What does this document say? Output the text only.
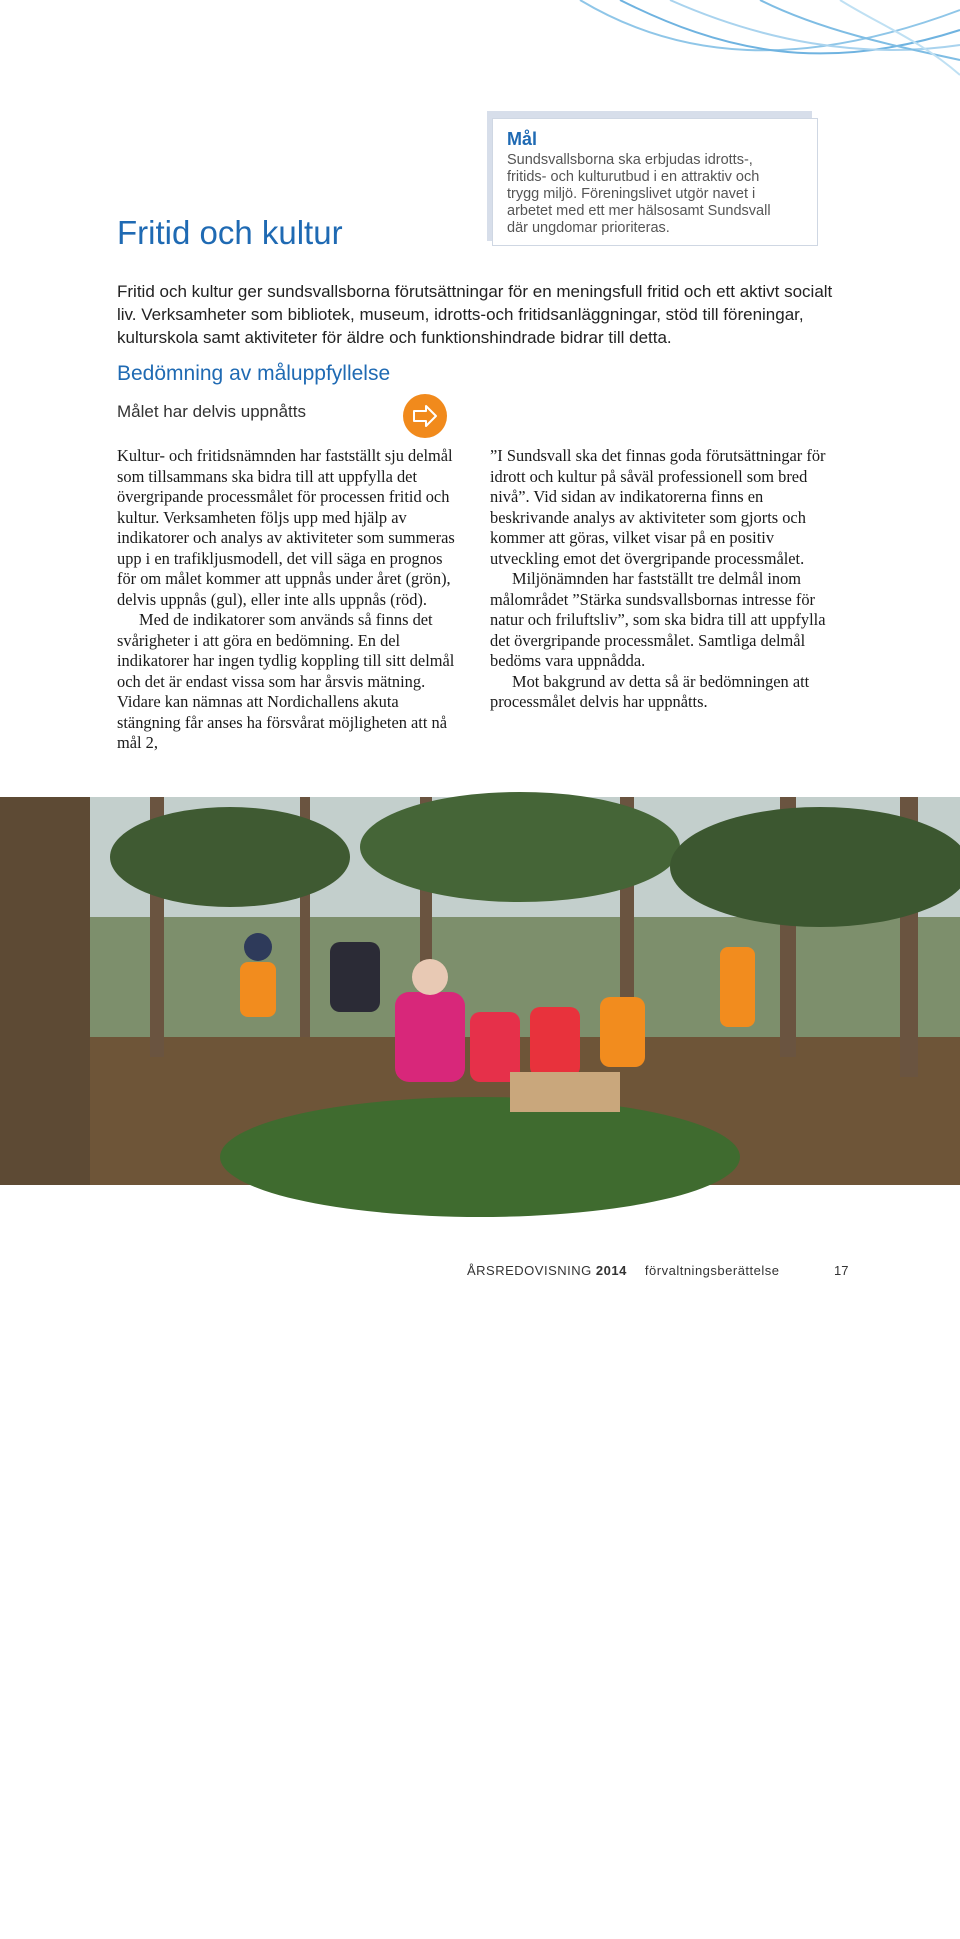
Mål

Sundsvallsborna ska erbjudas idrotts-,
fritids- och kulturutbud i en attraktiv och
trygg miljö. Föreningslivet utgör navet i
arbetet med ett mer hälsosamt Sundsvall
där ungdomar prioriteras.

Fritid och kultur

Fritid och kultur ger sundsvallsborna förutsättningar för en meningsfull fritid och ett aktivt socialt liv. Verksamheter som bibliotek, museum, idrotts-och fritidsanläggningar, stöd till föreningar, kulturskola samt aktiviteter för äldre och funktionshindrade bidrar till detta.

Bedömning av måluppfyllelse

Målet har delvis uppnåtts

Kultur- och fritidsnämnden har fastställt sju delmål som tillsammans ska bidra till att uppfylla det övergripande processmålet för processen fritid och kultur. Verksamheten följs upp med hjälp av indikatorer och analys av aktiviteter som summeras upp i en trafikljusmodell, det vill säga en prognos för om målet kommer att uppnås under året (grön), delvis uppnås (gul), eller inte alls uppnås (röd).

Med de indikatorer som används så finns det svårigheter i att göra en bedömning. En del indikatorer har ingen tydlig koppling till sitt delmål och det är endast vissa som har årsvis mätning. Vidare kan nämnas att Nordichallens akuta stängning får anses ha försvårat möjligheten att nå mål 2,

”I Sundsvall ska det finnas goda förutsättningar för idrott och kultur på såväl professionell som bred nivå”. Vid sidan av indikatorerna finns en beskrivande analys av aktiviteter som gjorts och kommer att göras, vilket visar på en positiv utveckling emot det övergripande processmålet.

Miljönämnden har fastställt tre delmål inom målområdet ”Stärka sundsvallsbornas intresse för natur och friluftsliv”, som ska bidra till att uppfylla det övergripande processmålet. Samtliga delmål bedöms vara uppnådda.

Mot bakgrund av detta så är bedömningen att processmålet delvis har uppnåtts.

Fotograf: Bo Fernström
ÅRSREDOVISNING 2014 förvaltningsberättelse	17
